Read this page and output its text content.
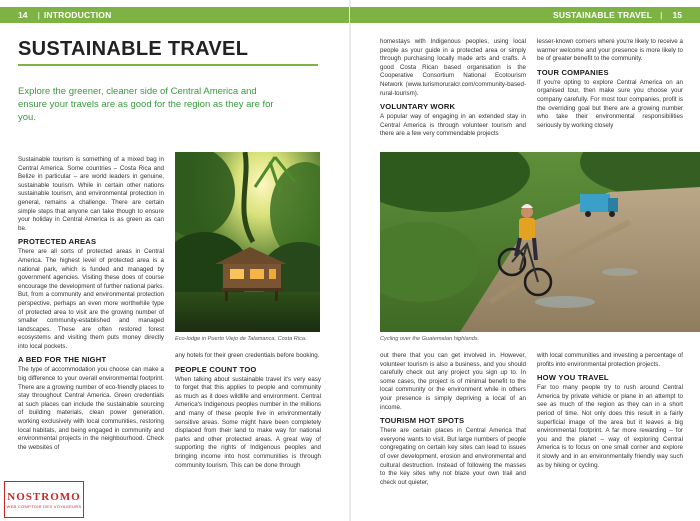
14	| INTRODUCTION
SUSTAINABLE TRAVEL
Explore the greener, cleaner side of Central America and ensure your travels are as good for the region as they are for you.

Sustainable tourism is something of a mixed bag in Central America. Some countries – Costa Rica and Belize in particular – are world leaders in genuine, sustainable tourism. While in certain other nations sustainable tourism, and environmental protection in general, remains a challenge. There are certain simple steps that anyone can take though to ensure your holiday in Central America is as green as can be.

PROTECTED AREAS

There are all sorts of protected areas in Central America. The highest level of protected area is a national park, which is funded and managed by government agencies. Visiting these does of course encourage the development of further national parks. But, from a community and environmental protection perspective, perhaps an even more worthwhile type of protected area to visit are the growing number of smaller community-established and managed landscapes. These are often restored forest ecosystems and visiting them puts money directly into local pockets.

A BED FOR THE NIGHT

The type of accommodation you choose can make a big difference to your overall environmental footprint. There are a growing number of eco-friendly places to stay throughout Central America. Green credentials at such places can include the sustainable sourcing of building materials, clean power generation, working exclusively with local communities, restoring local habitats, and being engaged in community and environmental projects in the neighbourhood. Check the websites of

Eco-lodge in Puerto Viejo de Talamanca, Costa Rica.

any hotels for their green credentials before booking.

PEOPLE COUNT TOO

When talking about sustainable travel it's very easy to forget that this applies to people and community as much as it does wildlife and environment. Central America's Indigenous peoples number in the millions and many of these people live in environmentally sensitive areas. Some might have been completely displaced from their land to make way for national parks and other protected areas. A great way of supporting the rights of Indigenous peoples and bringing income into host communities is through community tourism. This can be done through

NOSTROMO
WEB COMPTOIR DES VOYAGEURS
SUSTAINABLE TRAVEL |	15

homestays with Indigenous peoples, using local people as your guide in a protected area or simply through purchasing locally made arts and crafts. A good Costa Rican based organisation is the Cooperative Consortium National Ecotourism Network (www.turismoruralcr.com/community-based-rural-tourism).

VOLUNTARY WORK

A popular way of engaging in an extended stay in Central America is through volunteer tourism and there are a few very commendable projects

lesser-known corners where you're likely to receive a warmer welcome and your presence is more likely to be of greater benefit to the community.

TOUR COMPANIES

If you're opting to explore Central America on an organised tour, then make sure you choose your company carefully. For most tour companies, profit is the overriding goal but there are a growing number who take their environmental responsibilities seriously by working closely

Cycling over the Guatemalan highlands.

out there that you can get involved in. However, volunteer tourism is also a business, and you should carefully check out any project you sign up to. In some cases, the project is of minimal benefit to the local community or the environment while in others your presence is simply depriving a local of an income.

TOURISM HOT SPOTS

There are certain places in Central America that everyone wants to visit. But large numbers of people congregating on certain key sites can lead to issues of over development, erosion and environmental and cultural destruction. Instead of following the masses to the key sites why not blaze your own trail and check out quieter,

with local communities and investing a percentage of profits into environmental protection projects.

HOW YOU TRAVEL

Far too many people try to rush around Central America by private vehicle or plane in an attempt to see as much of the region as they can in a short period of time. Not only does this result in a fairly superficial image of the area but it leaves a big environmental footprint. A far more rewarding – for you and the planet – way of exploring Central America is to focus on one small corner and explore it slowly and in an environmentally friendly way such as by hiking or cycling.
